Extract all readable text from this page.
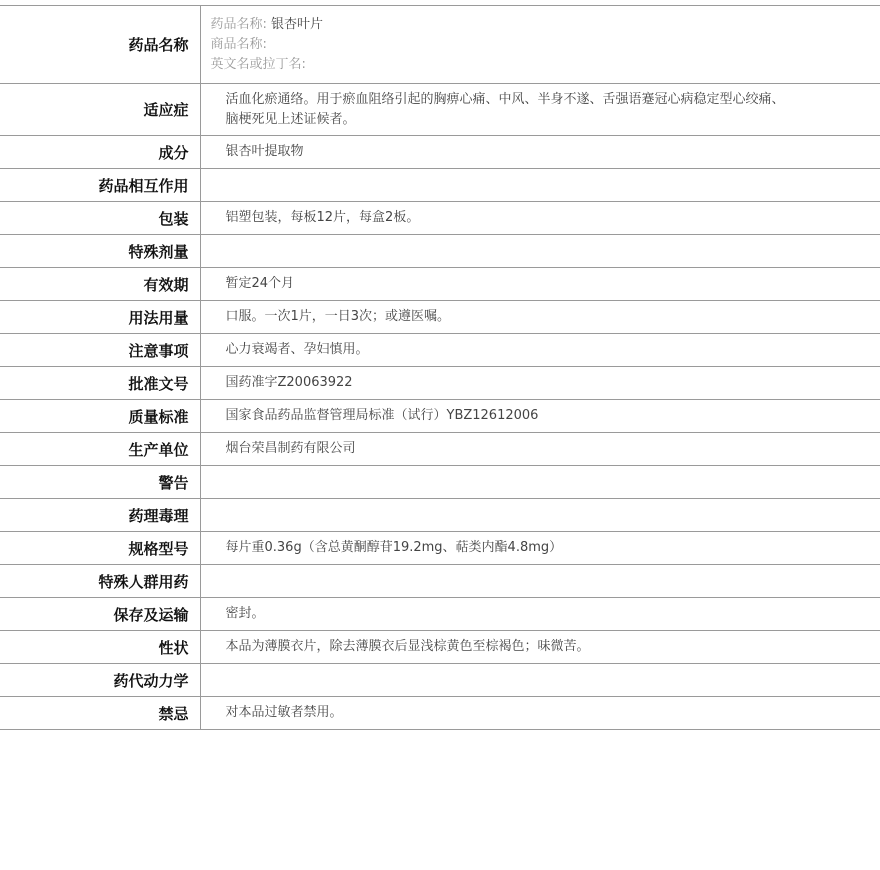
药品名称	药品名称: 银杏叶片
商品名称:
英文名或拉丁名:

适应症	活血化瘀通络。用于瘀血阻络引起的胸痹心痛、中风、半身不遂、舌强语蹇冠心病稳定型心绞痛、脑梗死见上述证候者。

成分	银杏叶提取物
药品相互作用	
包装	铝塑包装，每板12片，每盒2板。
特殊剂量	
有效期	暂定24个月
用法用量	口服。一次1片，一日3次；或遵医嘱。
注意事项	心力衰竭者、孕妇慎用。
批准文号	国药准字Z20063922
质量标准	国家食品药品监督管理局标准（试行）YBZ12612006
生产单位	烟台荣昌制药有限公司
警告	
药理毒理	
规格型号	每片重0.36g（含总黄酮醇苷19.2mg、萜类内酯4.8mg）
特殊人群用药	
保存及运输	密封。
性状	本品为薄膜衣片，除去薄膜衣后显浅棕黄色至棕褐色；味微苦。
药代动力学	
禁忌	对本品过敏者禁用。
